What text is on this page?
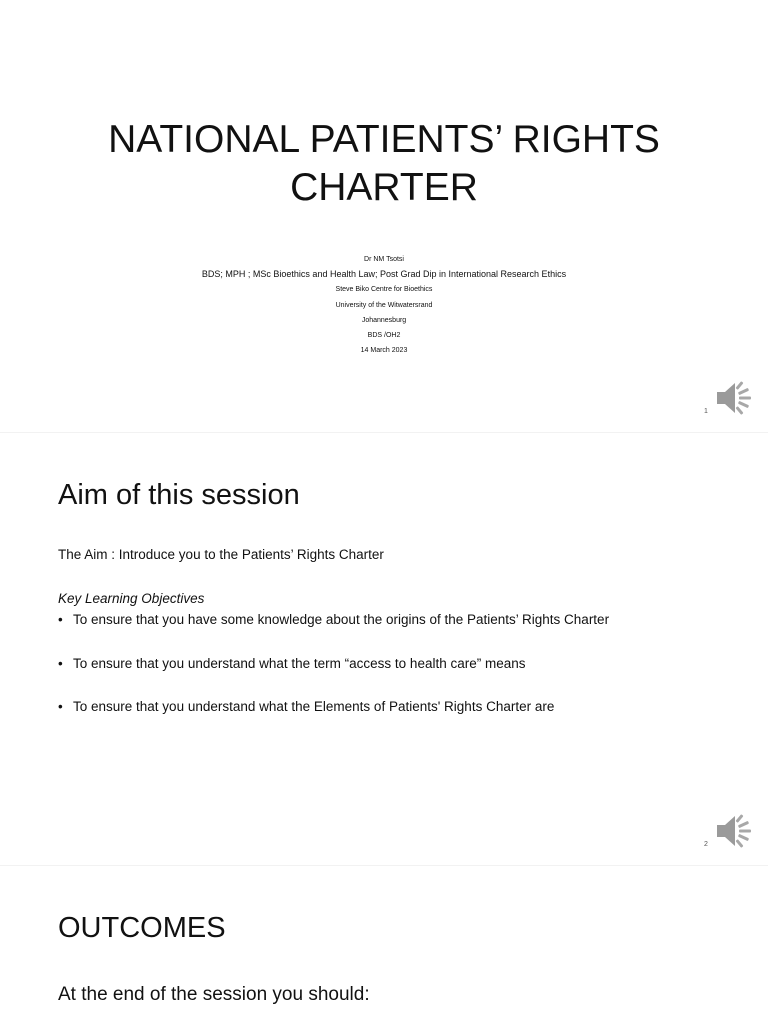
NATIONAL PATIENTS’ RIGHTS
CHARTER
Dr NM Tsotsi
BDS; MPH ; MSc Bioethics and Health Law; Post Grad Dip in International Research Ethics
Steve Biko Centre for Bioethics
University of the Witwatersrand
Johannesburg
BDS /OH2
14 March 2023
1
Aim of this session
The Aim : Introduce you to the Patients’ Rights Charter
Key Learning Objectives
• To ensure that you have some knowledge about the origins of the Patients’ Rights Charter
• To ensure that you understand what the term “access to health care” means
• To ensure that you understand what the Elements of Patients' Rights Charter are
2
OUTCOMES
At the end of the session you should:
